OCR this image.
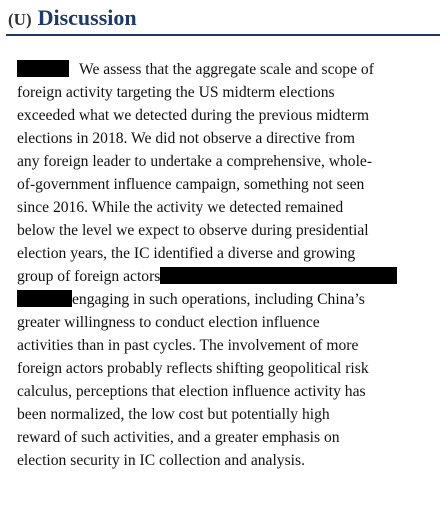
(U) Discussion
We assess that the aggregate scale and scope of
foreign activity targeting the US midterm elections
exceeded what we detected during the previous midterm
elections in 2018. We did not observe a directive from
any foreign leader to undertake a comprehensive, whole-
of-government influence campaign, something not seen
since 2016. While the activity we detected remained
below the level we expect to observe during presidential
election years, the IC identified a diverse and growing
group of foreign actors
engaging in such operations, including China’s
greater willingness to conduct election influence
activities than in past cycles. The involvement of more
foreign actors probably reflects shifting geopolitical risk
calculus, perceptions that election influence activity has
been normalized, the low cost but potentially high
reward of such activities, and a greater emphasis on
election security in IC collection and analysis.
